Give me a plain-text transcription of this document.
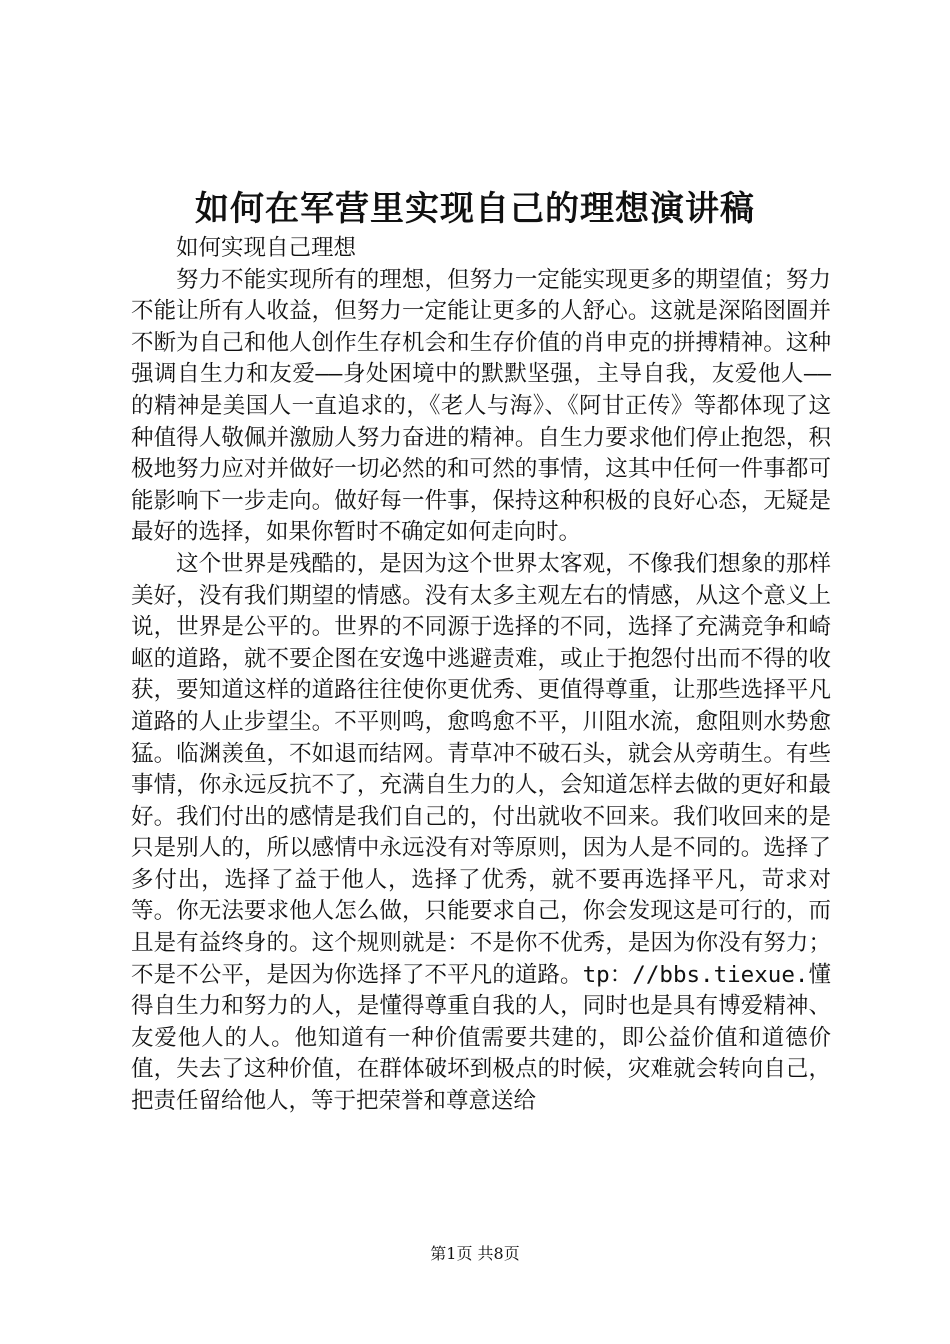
如何在军营里实现自己的理想演讲稿

如何实现自己理想

努力不能实现所有的理想，但努力一定能实现更多的期望值；努力不能让所有人收益，但努力一定能让更多的人舒心。这就是深陷囹圄并不断为自己和他人创作生存机会和生存价值的肖申克的拼搏精神。这种强调自生力和友爱——身处困境中的默默坚强，主导自我，友爱他人——的精神是美国人一直追求的，《老人与海》、《阿甘正传》等都体现了这种值得人敬佩并激励人努力奋进的精神。自生力要求他们停止抱怨，积极地努力应对并做好一切必然的和可然的事情，这其中任何一件事都可能影响下一步走向。做好每一件事，保持这种积极的良好心态，无疑是最好的选择，如果你暂时不确定如何走向时。

这个世界是残酷的，是因为这个世界太客观，不像我们想象的那样美好，没有我们期望的情感。没有太多主观左右的情感，从这个意义上说，世界是公平的。世界的不同源于选择的不同，选择了充满竞争和崎岖的道路，就不要企图在安逸中逃避责难，或止于抱怨付出而不得的收获，要知道这样的道路往往使你更优秀、更值得尊重，让那些选择平凡道路的人止步望尘。不平则鸣，愈鸣愈不平，川阻水流，愈阻则水势愈猛。临渊羡鱼，不如退而结网。青草冲不破石头，就会从旁萌生。有些事情，你永远反抗不了，充满自生力的人，会知道怎样去做的更好和最好。我们付出的感情是我们自己的，付出就收不回来。我们收回来的是只是别人的，所以感情中永远没有对等原则，因为人是不同的。选择了多付出，选择了益于他人，选择了优秀，就不要再选择平凡，苛求对等。你无法要求他人怎么做，只能要求自己，你会发现这是可行的，而且是有益终身的。这个规则就是：不是你不优秀，是因为你没有努力；不是不公平，是因为你选择了不平凡的道路。tp：//bbs.tiexue.懂得自生力和努力的人，是懂得尊重自我的人，同时也是具有博爱精神、友爱他人的人。他知道有一种价值需要共建的，即公益价值和道德价值，失去了这种价值，在群体破坏到极点的时候，灾难就会转向自己，把责任留给他人，等于把荣誉和尊意送给

第1页 共8页
